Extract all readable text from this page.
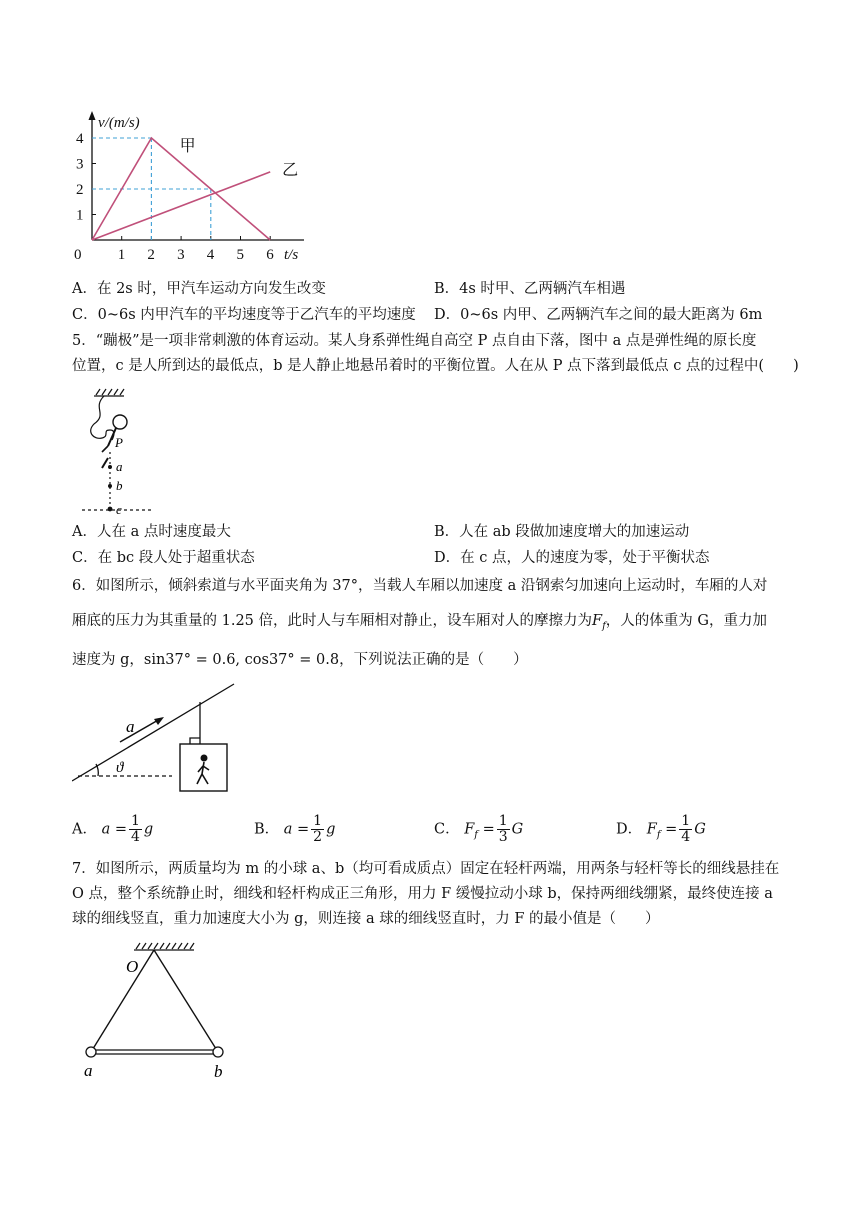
1
2
3
4
1 2 3 4 5 6
0
v/(m/s)
t/s
甲
乙
A．在 2s 时，甲汽车运动方向发生改变	B．4s 时甲、乙两辆汽车相遇
C．0~6s 内甲汽车的平均速度等于乙汽车的平均速度 D．0~6s 内甲、乙两辆汽车之间的最大距离为 6m
5．“蹦极”是一项非常刺激的体育运动。某人身系弹性绳自高空 P 点自由下落，图中 a 点是弹性绳的原长度
位置，c 是人所到达的最低点，b 是人静止地悬吊着时的平衡位置。人在从 P 点下落到最低点 c 点的过程中(　　)
P
a
b
c
A．人在 a 点时速度最大	B．人在 ab 段做加速度增大的加速运动
C．在 bc 段人处于超重状态	D．在 c 点，人的速度为零，处于平衡状态
6．如图所示，倾斜索道与水平面夹角为 37°，当载人车厢以加速度 a 沿钢索匀加速向上运动时，车厢的人对
厢底的压力为其重量的 1.25 倍，此时人与车厢相对静止，设车厢对人的摩擦力为$F_f$，人的体重为 G，重力加
速度为 g，sin37° = 0.6, cos37° = 0.8，下列说法正确的是（　　）
a
ϑ
A． $a = \frac{1}{4}$ g	B． $a = \frac{1}{2}$ g	C． $F_f = \frac{1}{3}$ G	D． $F_f = \frac{1}{4}$ G
7．如图所示，两质量均为 m 的小球 a、b（均可看成质点）固定在轻杆两端，用两条与轻杆等长的细线悬挂在
O 点，整个系统静止时，细线和轻杆构成正三角形，用力 F 缓慢拉动小球 b，保持两细线绷紧，最终使连接 a
球的细线竖直，重力加速度大小为 g，则连接 a 球的细线竖直时，力 F 的最小值是（　　）
O
a	b
